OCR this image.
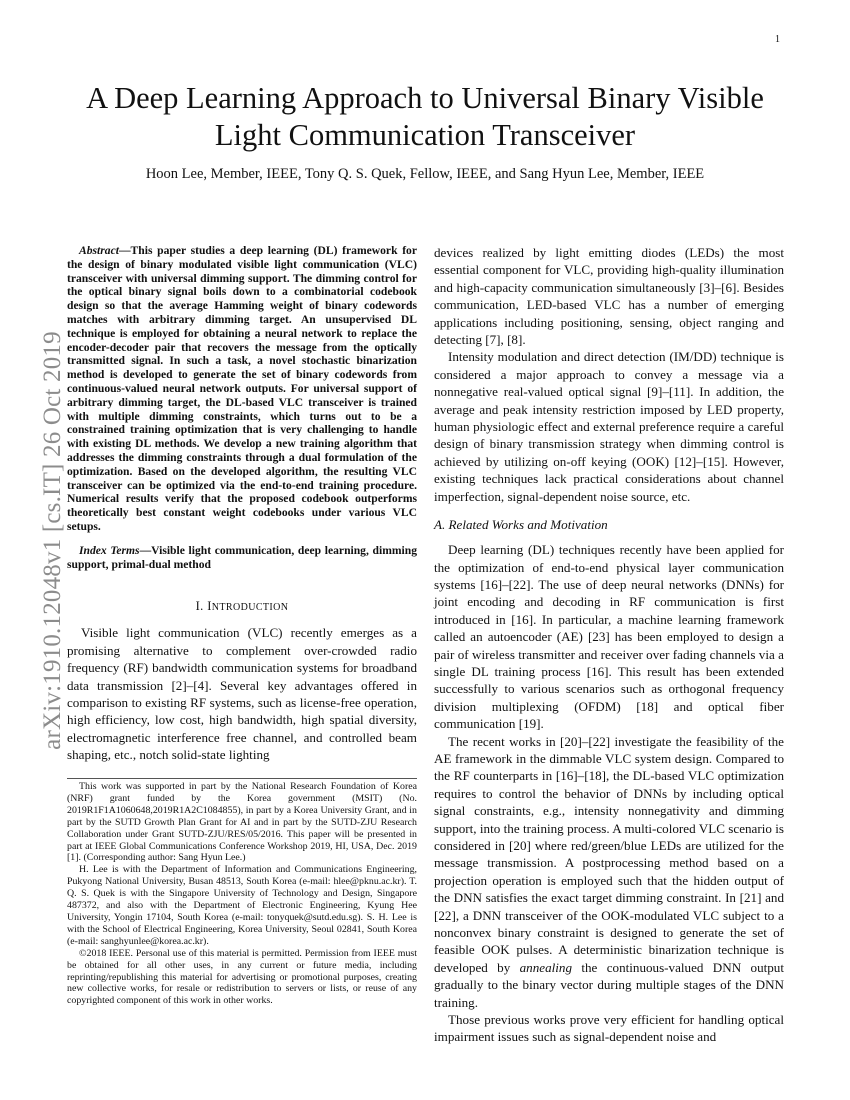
1
arXiv:1910.12048v1 [cs.IT] 26 Oct 2019
A Deep Learning Approach to Universal Binary Visible Light Communication Transceiver
Hoon Lee, Member, IEEE, Tony Q. S. Quek, Fellow, IEEE, and Sang Hyun Lee, Member, IEEE

Abstract—This paper studies a deep learning (DL) framework for the design of binary modulated visible light communication (VLC) transceiver with universal dimming support. The dimming control for the optical binary signal boils down to a combinatorial codebook design so that the average Hamming weight of binary codewords matches with arbitrary dimming target. An unsupervised DL technique is employed for obtaining a neural network to replace the encoder-decoder pair that recovers the message from the optically transmitted signal. In such a task, a novel stochastic binarization method is developed to generate the set of binary codewords from continuous-valued neural network outputs. For universal support of arbitrary dimming target, the DL-based VLC transceiver is trained with multiple dimming constraints, which turns out to be a constrained training optimization that is very challenging to handle with existing DL methods. We develop a new training algorithm that addresses the dimming constraints through a dual formulation of the optimization. Based on the developed algorithm, the resulting VLC transceiver can be optimized via the end-to-end training procedure. Numerical results verify that the proposed codebook outperforms theoretically best constant weight codebooks under various VLC setups.

Index Terms—Visible light communication, deep learning, dimming support, primal-dual method

I. INTRODUCTION

Visible light communication (VLC) recently emerges as a promising alternative to complement over-crowded radio frequency (RF) bandwidth communication systems for broadband data transmission [2]–[4]. Several key advantages offered in comparison to existing RF systems, such as license-free operation, high efficiency, low cost, high bandwidth, high spatial diversity, electromagnetic interference free channel, and controlled beam shaping, etc., notch solid-state lighting

This work was supported in part by the National Research Foundation of Korea (NRF) grant funded by the Korea government (MSIT) (No. 2019R1F1A1060648,2019R1A2C1084855), in part by a Korea University Grant, and in part by the SUTD Growth Plan Grant for AI and in part by the SUTD-ZJU Research Collaboration under Grant SUTD-ZJU/RES/05/2016. This paper will be presented in part at IEEE Global Communications Conference Workshop 2019, HI, USA, Dec. 2019 [1]. (Corresponding author: Sang Hyun Lee.)

H. Lee is with the Department of Information and Communications Engineering, Pukyong National University, Busan 48513, South Korea (e-mail: hlee@pknu.ac.kr). T. Q. S. Quek is with the Singapore University of Technology and Design, Singapore 487372, and also with the Department of Electronic Engineering, Kyung Hee University, Yongin 17104, South Korea (e-mail: tonyquek@sutd.edu.sg). S. H. Lee is with the School of Electrical Engineering, Korea University, Seoul 02841, South Korea (e-mail: sanghyunlee@korea.ac.kr).

©2018 IEEE. Personal use of this material is permitted. Permission from IEEE must be obtained for all other uses, in any current or future media, including reprinting/republishing this material for advertising or promotional purposes, creating new collective works, for resale or redistribution to servers or lists, or reuse of any copyrighted component of this work in other works.

devices realized by light emitting diodes (LEDs) the most essential component for VLC, providing high-quality illumination and high-capacity communication simultaneously [3]–[6]. Besides communication, LED-based VLC has a number of emerging applications including positioning, sensing, object ranging and detecting [7], [8].

Intensity modulation and direct detection (IM/DD) technique is considered a major approach to convey a message via a nonnegative real-valued optical signal [9]–[11]. In addition, the average and peak intensity restriction imposed by LED property, human physiologic effect and external preference require a careful design of binary transmission strategy when dimming control is achieved by utilizing on-off keying (OOK) [12]–[15]. However, existing techniques lack practical considerations about channel imperfection, signal-dependent noise source, etc.

A. Related Works and Motivation

Deep learning (DL) techniques recently have been applied for the optimization of end-to-end physical layer communication systems [16]–[22]. The use of deep neural networks (DNNs) for joint encoding and decoding in RF communication is first introduced in [16]. In particular, a machine learning framework called an autoencoder (AE) [23] has been employed to design a pair of wireless transmitter and receiver over fading channels via a single DL training process [16]. This result has been extended successfully to various scenarios such as orthogonal frequency division multiplexing (OFDM) [18] and optical fiber communication [19].

The recent works in [20]–[22] investigate the feasibility of the AE framework in the dimmable VLC system design. Compared to the RF counterparts in [16]–[18], the DL-based VLC optimization requires to control the behavior of DNNs by including optical signal constraints, e.g., intensity nonnegativity and dimming support, into the training process. A multi-colored VLC scenario is considered in [20] where red/green/blue LEDs are utilized for the message transmission. A postprocessing method based on a projection operation is employed such that the hidden output of the DNN satisfies the exact target dimming constraint. In [21] and [22], a DNN transceiver of the OOK-modulated VLC subject to a nonconvex binary constraint is designed to generate the set of feasible OOK pulses. A deterministic binarization technique is developed by annealing the continuous-valued DNN output gradually to the binary vector during multiple stages of the DNN training.

Those previous works prove very efficient for handling optical impairment issues such as signal-dependent noise and
